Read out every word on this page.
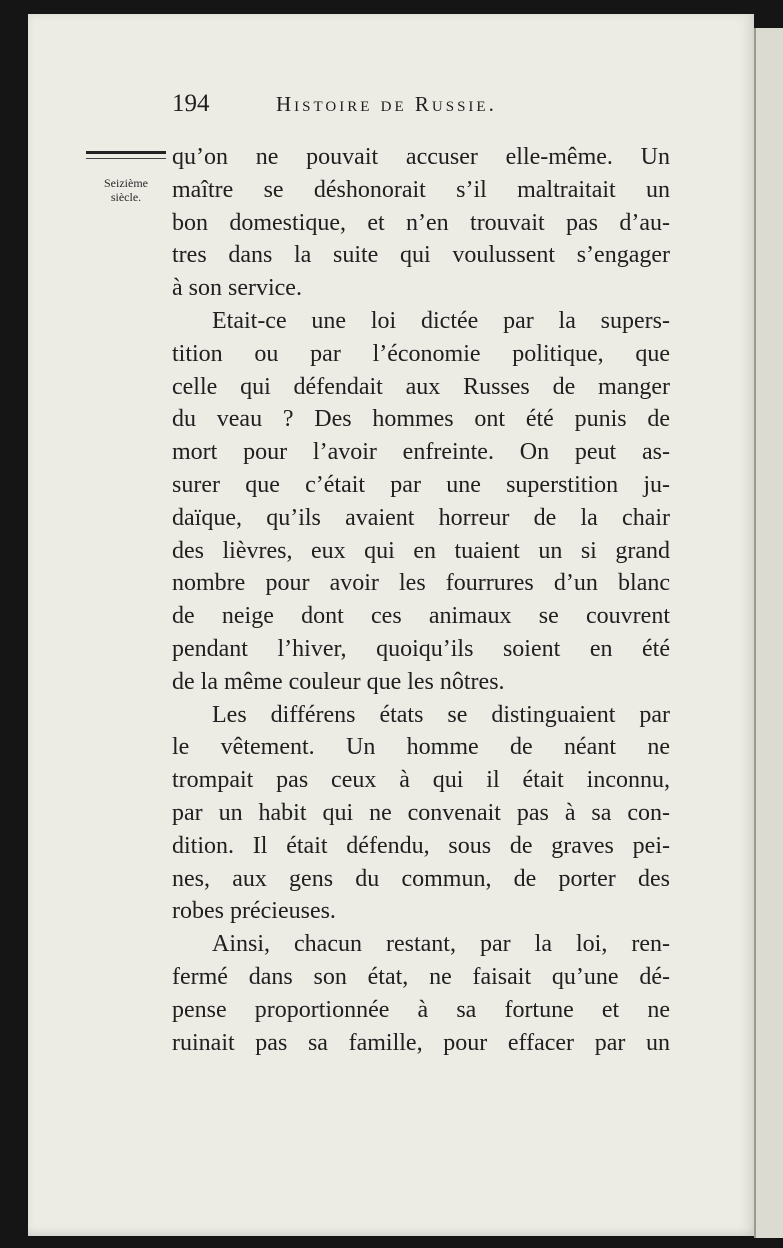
194	Histoire de Russie.
Seizième
siècle.
qu’on ne pouvait accuser elle-même. Un
maître se déshonorait s’il maltraitait un
bon domestique, et n’en trouvait pas d’au-
tres dans la suite qui voulussent s’engager
à son service.
Etait-ce une loi dictée par la supers-
tition ou par l’économie politique, que
celle qui défendait aux Russes de manger
du veau ? Des hommes ont été punis de
mort pour l’avoir enfreinte. On peut as-
surer que c’était par une superstition ju-
daïque, qu’ils avaient horreur de la chair
des lièvres, eux qui en tuaient un si grand
nombre pour avoir les fourrures d’un blanc
de neige dont ces animaux se couvrent
pendant l’hiver, quoiqu’ils soient en été
de la même couleur que les nôtres.
Les différens états se distinguaient par
le vêtement. Un homme de néant ne
trompait pas ceux à qui il était inconnu,
par un habit qui ne convenait pas à sa con-
dition. Il était défendu, sous de graves pei-
nes, aux gens du commun, de porter des
robes précieuses.
Ainsi, chacun restant, par la loi, ren-
fermé dans son état, ne faisait qu’une dé-
pense proportionnée à sa fortune et ne
ruinait pas sa famille, pour effacer par un
